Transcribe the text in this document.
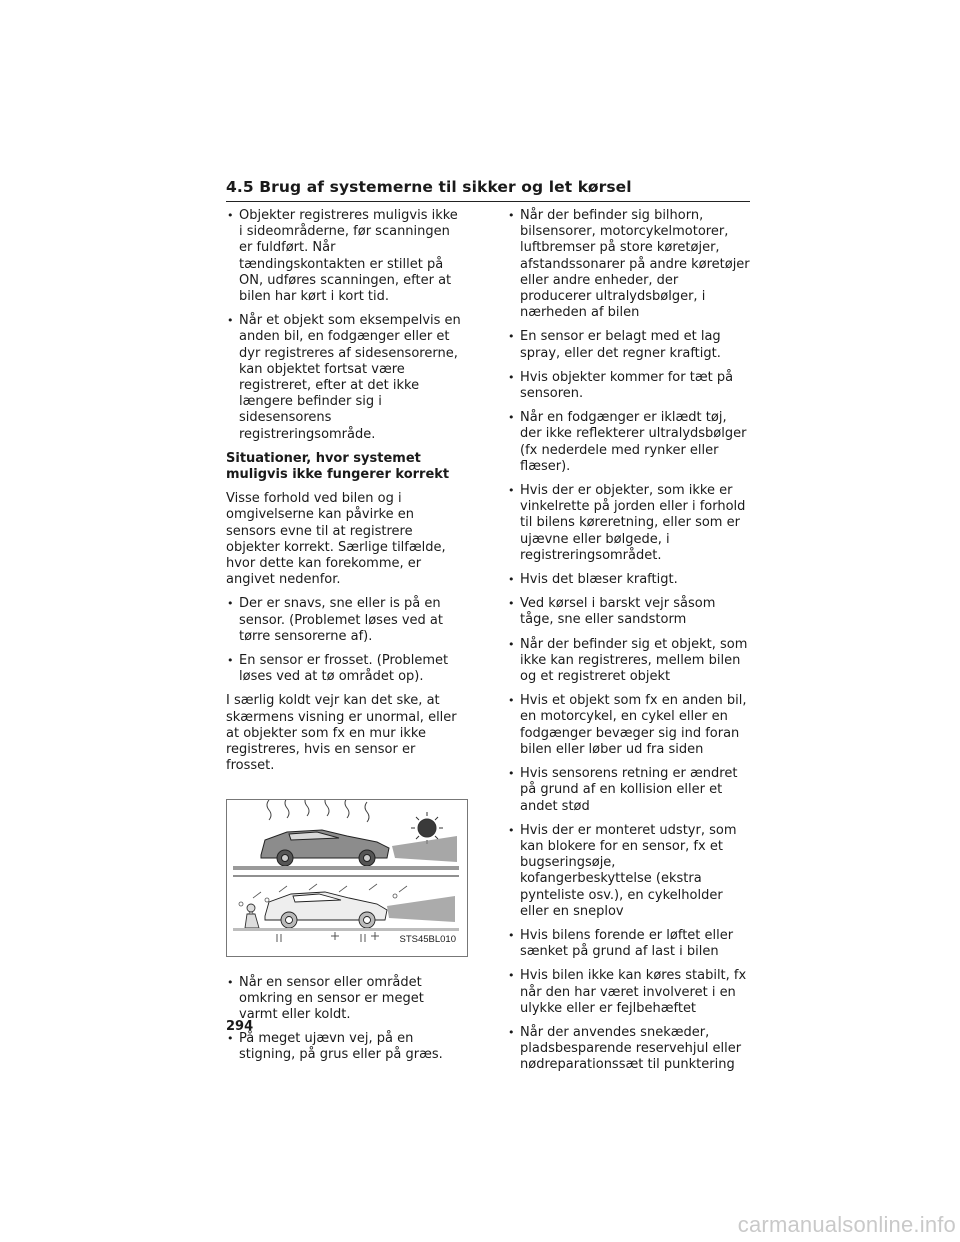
4.5 Brug af systemerne til sikker og let kørsel
• Objekter registreres muligvis ikke i sideområderne, før scanningen er fuldført. Når tændingskontakten er stillet på ON, udføres scanningen, efter at bilen har kørt i kort tid.
• Når et objekt som eksempelvis en anden bil, en fodgænger eller et dyr registreres af sidesensorerne, kan objektet fortsat være registreret, efter at det ikke længere befinder sig i sidesensorens registreringsområde.
Situationer, hvor systemet muligvis ikke fungerer korrekt

Visse forhold ved bilen og i omgivelserne kan påvirke en sensors evne til at registrere objekter korrekt. Særlige tilfælde, hvor dette kan forekomme, er angivet nedenfor.

• Der er snavs, sne eller is på en sensor. (Problemet løses ved at tørre sensorerne af).
• En sensor er frosset. (Problemet løses ved at tø området op).

I særlig koldt vejr kan det ske, at skærmens visning er unormal, eller at objekter som fx en mur ikke registreres, hvis en sensor er frosset.

STS45BL010
• Når en sensor eller området omkring en sensor er meget varmt eller koldt.
• På meget ujævn vej, på en stigning, på grus eller på græs.
• Når der befinder sig bilhorn, bilsensorer, motorcykelmotorer, luftbremser på store køretøjer, afstandssonarer på andre køretøjer eller andre enheder, der producerer ultralydsbølger, i nærheden af bilen
• En sensor er belagt med et lag spray, eller det regner kraftigt.
• Hvis objekter kommer for tæt på sensoren.
• Når en fodgænger er iklædt tøj, der ikke reflekterer ultralydsbølger (fx nederdele med rynker eller flæser).
• Hvis der er objekter, som ikke er vinkelrette på jorden eller i forhold til bilens køreretning, eller som er ujævne eller bølgede, i registreringsområdet.
• Hvis det blæser kraftigt.
• Ved kørsel i barskt vejr såsom tåge, sne eller sandstorm
• Når der befinder sig et objekt, som ikke kan registreres, mellem bilen og et registreret objekt
• Hvis et objekt som fx en anden bil, en motorcykel, en cykel eller en fodgænger bevæger sig ind foran bilen eller løber ud fra siden
• Hvis sensorens retning er ændret på grund af en kollision eller et andet stød
• Hvis der er monteret udstyr, som kan blokere for en sensor, fx et bugseringsøje, kofangerbeskyttelse (ekstra pynteliste osv.), en cykelholder eller en sneplov
• Hvis bilens forende er løftet eller sænket på grund af last i bilen
• Hvis bilen ikke kan køres stabilt, fx når den har været involveret i en ulykke eller er fejlbehæftet
• Når der anvendes snekæder, pladsbesparende reservehjul eller nødreparationssæt til punktering
294
carmanualsonline.info
